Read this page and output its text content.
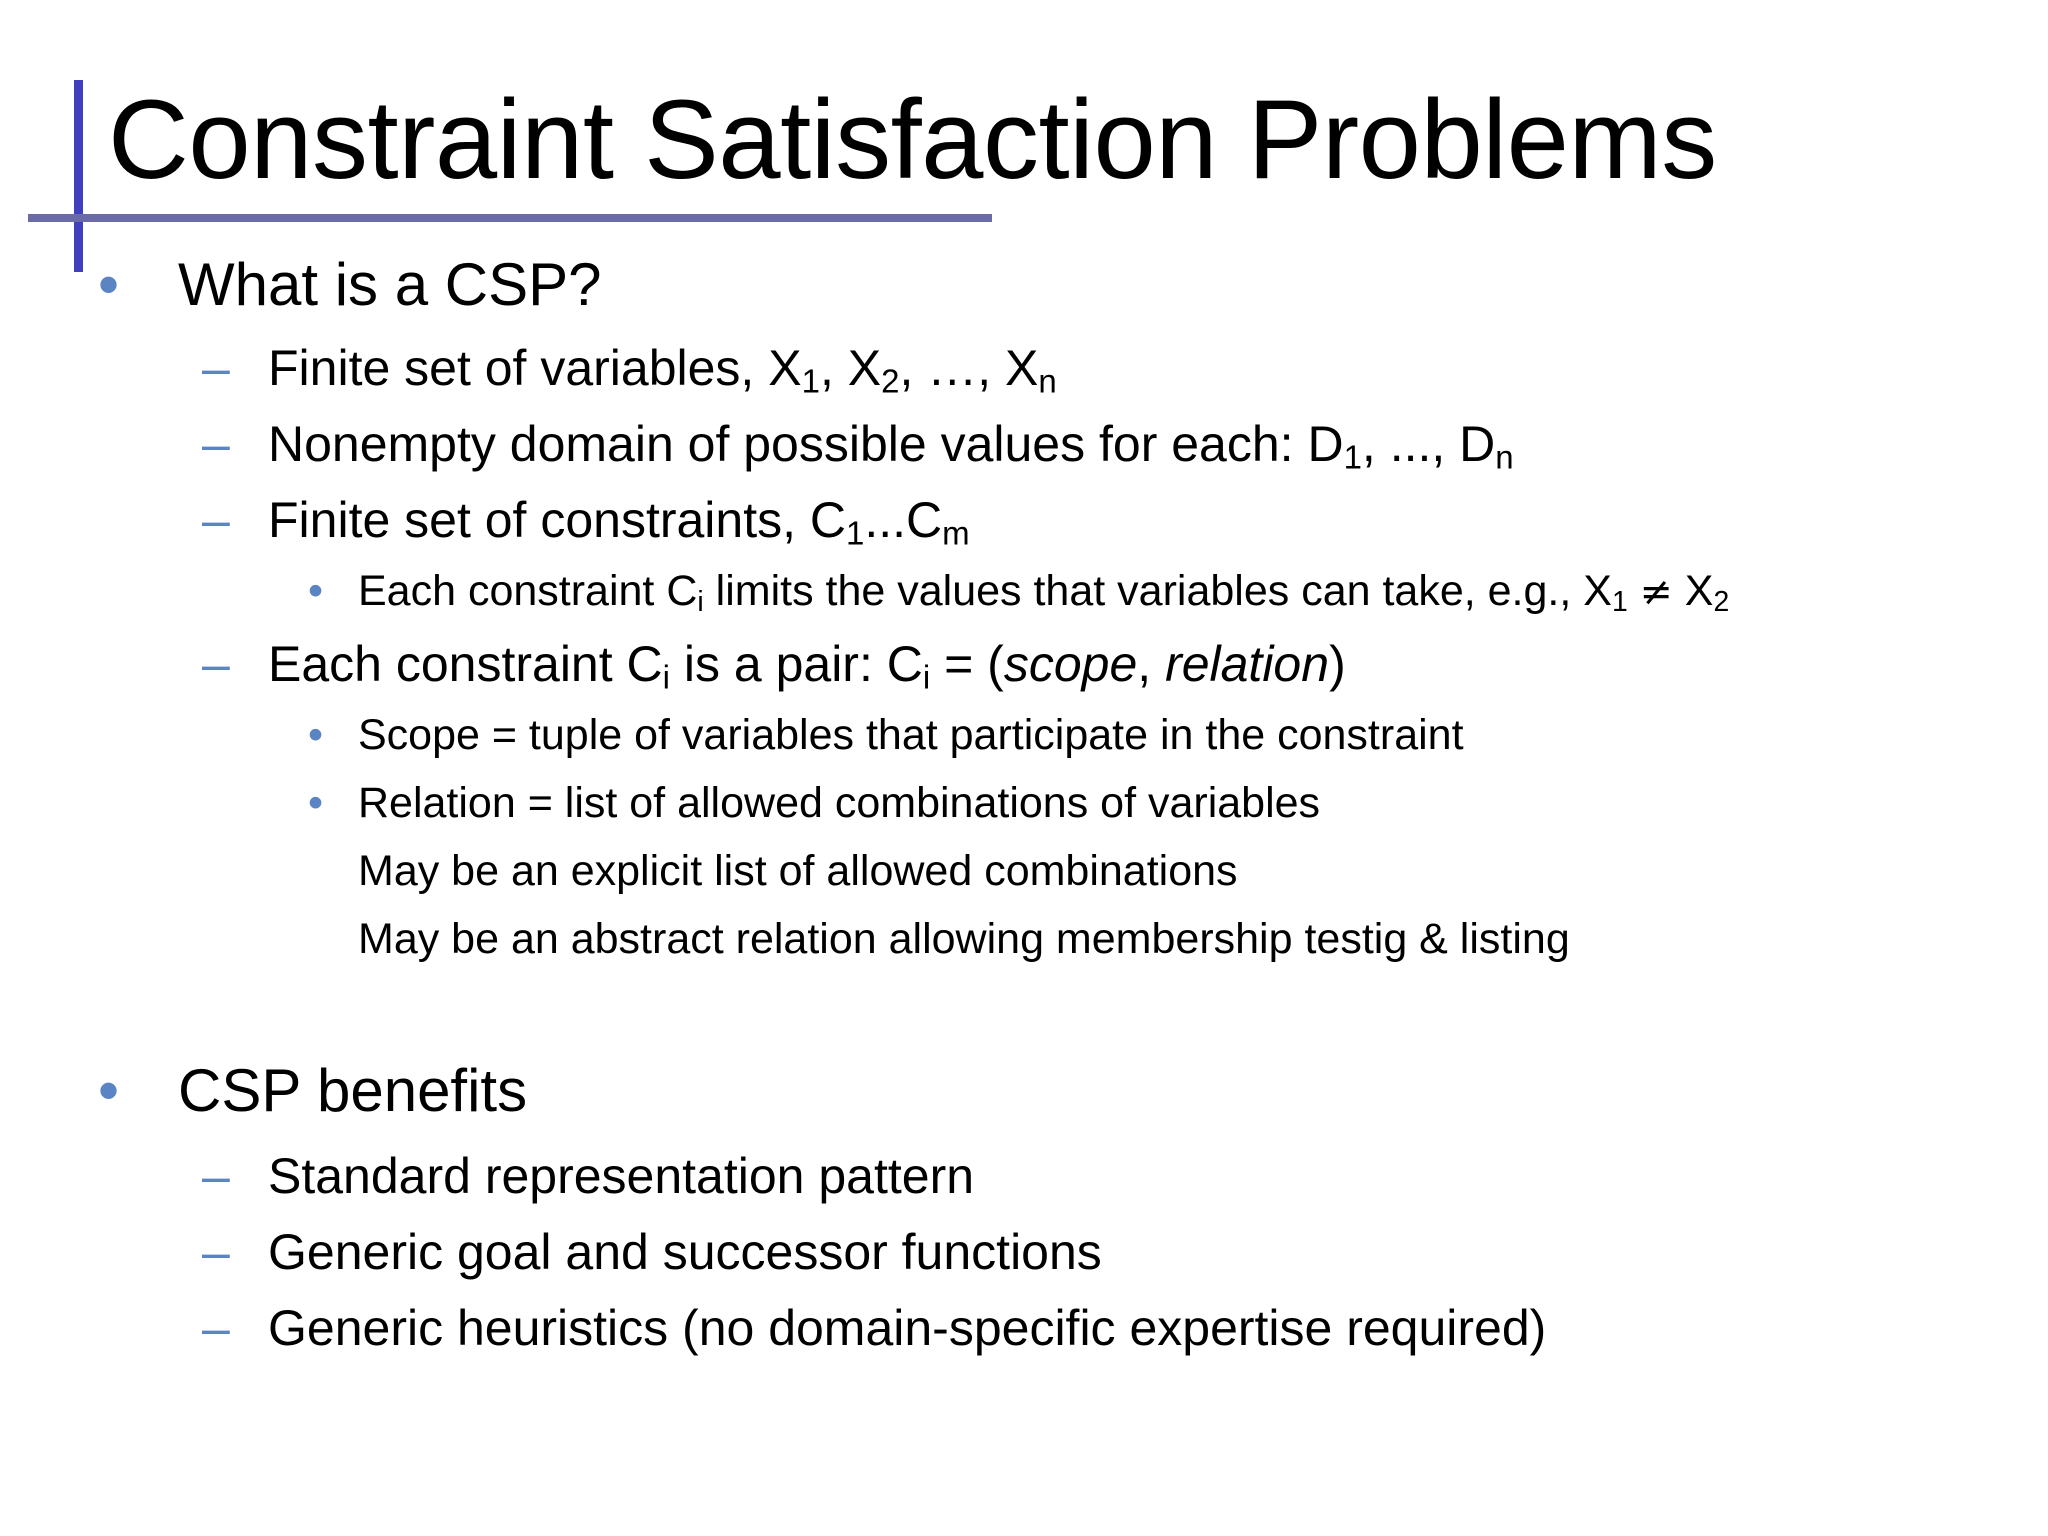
Constraint Satisfaction Problems
• What is a CSP?
– Finite set of variables, $X_1$, $X_2$, …, $X_n$
– Nonempty domain of possible values for each: $D_1$, ..., $D_n$
– Finite set of constraints, $C_1...C_m$
• Each constraint $C_i$ limits the values that variables can take, e.g., $X_1 \ne X_2$
– Each constraint $C_i$ is a pair: $C_i$ = (scope, relation)
• Scope = tuple of variables that participate in the constraint
• Relation = list of allowed combinations of variables
May be an explicit list of allowed combinations
May be an abstract relation allowing membership testig & listing
• CSP benefits
– Standard representation pattern
– Generic goal and successor functions
– Generic heuristics (no domain-specific expertise required)
